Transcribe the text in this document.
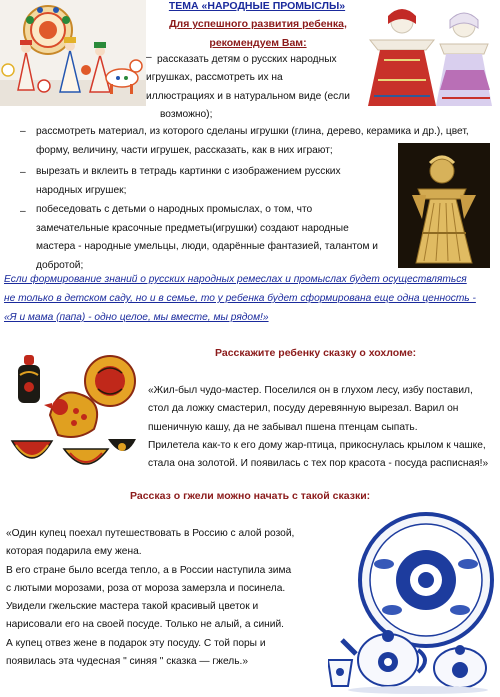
ТЕМА «НАРОДНЫЕ ПРОМЫСЛЫ»
Для успешного развития ребенка,
рекомендуем Вам:
– рассказать детям о русских народных
игрушках, рассмотреть их на
иллюстрациях и в натуральном виде (если
возможно);
– рассмотреть материал, из которого сделаны игрушки (глина, дерево, керамика и др.), цвет,
форму, величину, части игрушек, рассказать, как в них играют;
– вырезать и вклеить в тетрадь картинки с изображением русских
народных игрушек;
– побеседовать с детьми о народных промыслах, о том, что
замечательные красочные предметы(игрушки) создают народные
мастера - народные умельцы, люди, одарённые фантазией, талантом и
добротой;
Если формирование знаний о русских народных ремеслах и промыслах будет осуществляться
не только в детском саду, но и в семье, то у ребенка будет сформирована еще одна ценность -
«Я и мама (папа) - одно целое, мы вместе, мы рядом!»
Расскажите ребенку сказку о хохломе:

«Жил-был чудо-мастер. Поселился он в глухом лесу, избу поставил,

стол да ложку смастерил, посуду деревянную вырезал. Варил он

пшеничную кашу, да не забывал пшена птенцам сыпать.

Прилетела как-то к его дому жар-птица, прикоснулась крылом к чашке,

стала она золотой. И появилась с тех пор красота - посуда расписная!»

Рассказ о гжели можно начать с такой сказки:

«Один купец поехал путешествовать в Россию с алой розой,

которая подарила ему жена.

В его стране было всегда тепло, а в России наступила зима

с лютыми морозами, роза от мороза замерзла и посинела.

Увидели гжельские мастера такой красивый цветок и

нарисовали его на своей посуде. Только не алый, а синий.

А купец отвез жене в подарок эту посуду. С той поры и

появилась эта чудесная " синяя " сказка — гжель.»
